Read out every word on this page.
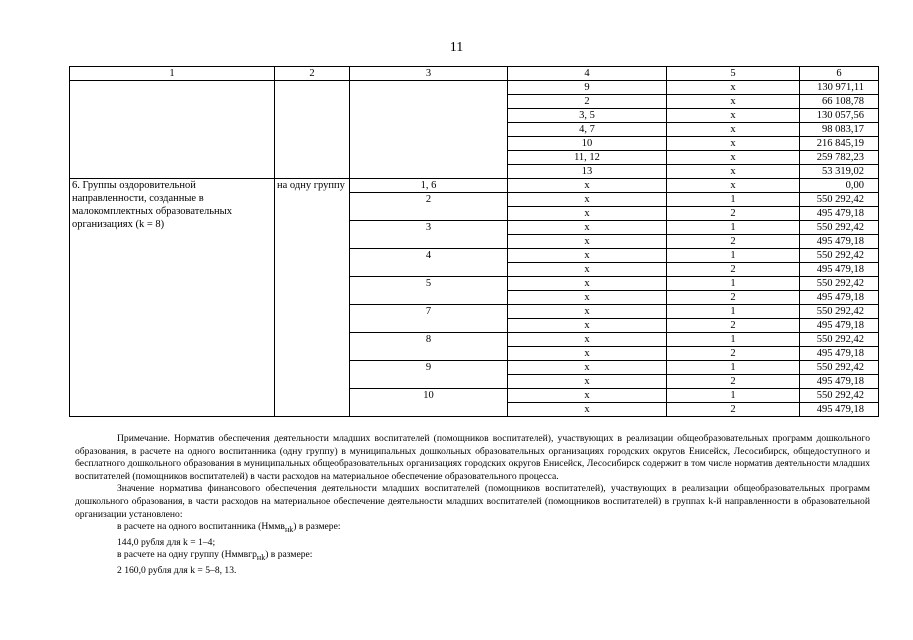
11
1	2	3	4	5	6
			9	х	130 971,11
			2	х	66 108,78
			3, 5	х	130 057,56
			4, 7	х	98 083,17
			10	х	216 845,19
			11, 12	х	259 782,23
			13	х	53 319,02
6. Группы оздоровительной направленности, созданные в малокомплектных образовательных организациях (k = 8)	на одну группу	1, 6	х	х	0,00
		2	х	1	550 292,42
			х	2	495 479,18
		3	х	1	550 292,42
			х	2	495 479,18
		4	х	1	550 292,42
			х	2	495 479,18
		5	х	1	550 292,42
			х	2	495 479,18
		7	х	1	550 292,42
			х	2	495 479,18
		8	х	1	550 292,42
			х	2	495 479,18
		9	х	1	550 292,42
			х	2	495 479,18
		10	х	1	550 292,42
			х	2	495 479,18

Примечание. Норматив обеспечения деятельности младших воспитателей (помощников воспитателей), участвующих в реализации общеобразовательных программ дошкольного образования, в расчете на одного воспитанника (одну группу) в муниципальных дошкольных образовательных организациях городских округов Енисейск, Лесосибирск, общедоступного и бесплатного дошкольного образования в муниципальных общеобразовательных организациях городских округов Енисейск, Лесосибирск содержит в том числе норматив деятельности младших воспитателей (помощников воспитателей) в части расходов на материальное обеспечение образовательного процесса.

Значение норматива финансового обеспечения деятельности младших воспитателей (помощников воспитателей), участвующих в реализации общеобразовательных программ дошкольного образования, в части расходов на материальное обеспечение деятельности младших воспитателей (помощников воспитателей) в группах k-й направленности в образовательной организации установлено:

в расчете на одного воспитанника (Нммв$_{нk}$) в размере:

144,0 рубля для k = 1–4;

в расчете на одну группу (Нммвгр$_{нk}$) в размере:

2 160,0 рубля для k = 5–8, 13.
